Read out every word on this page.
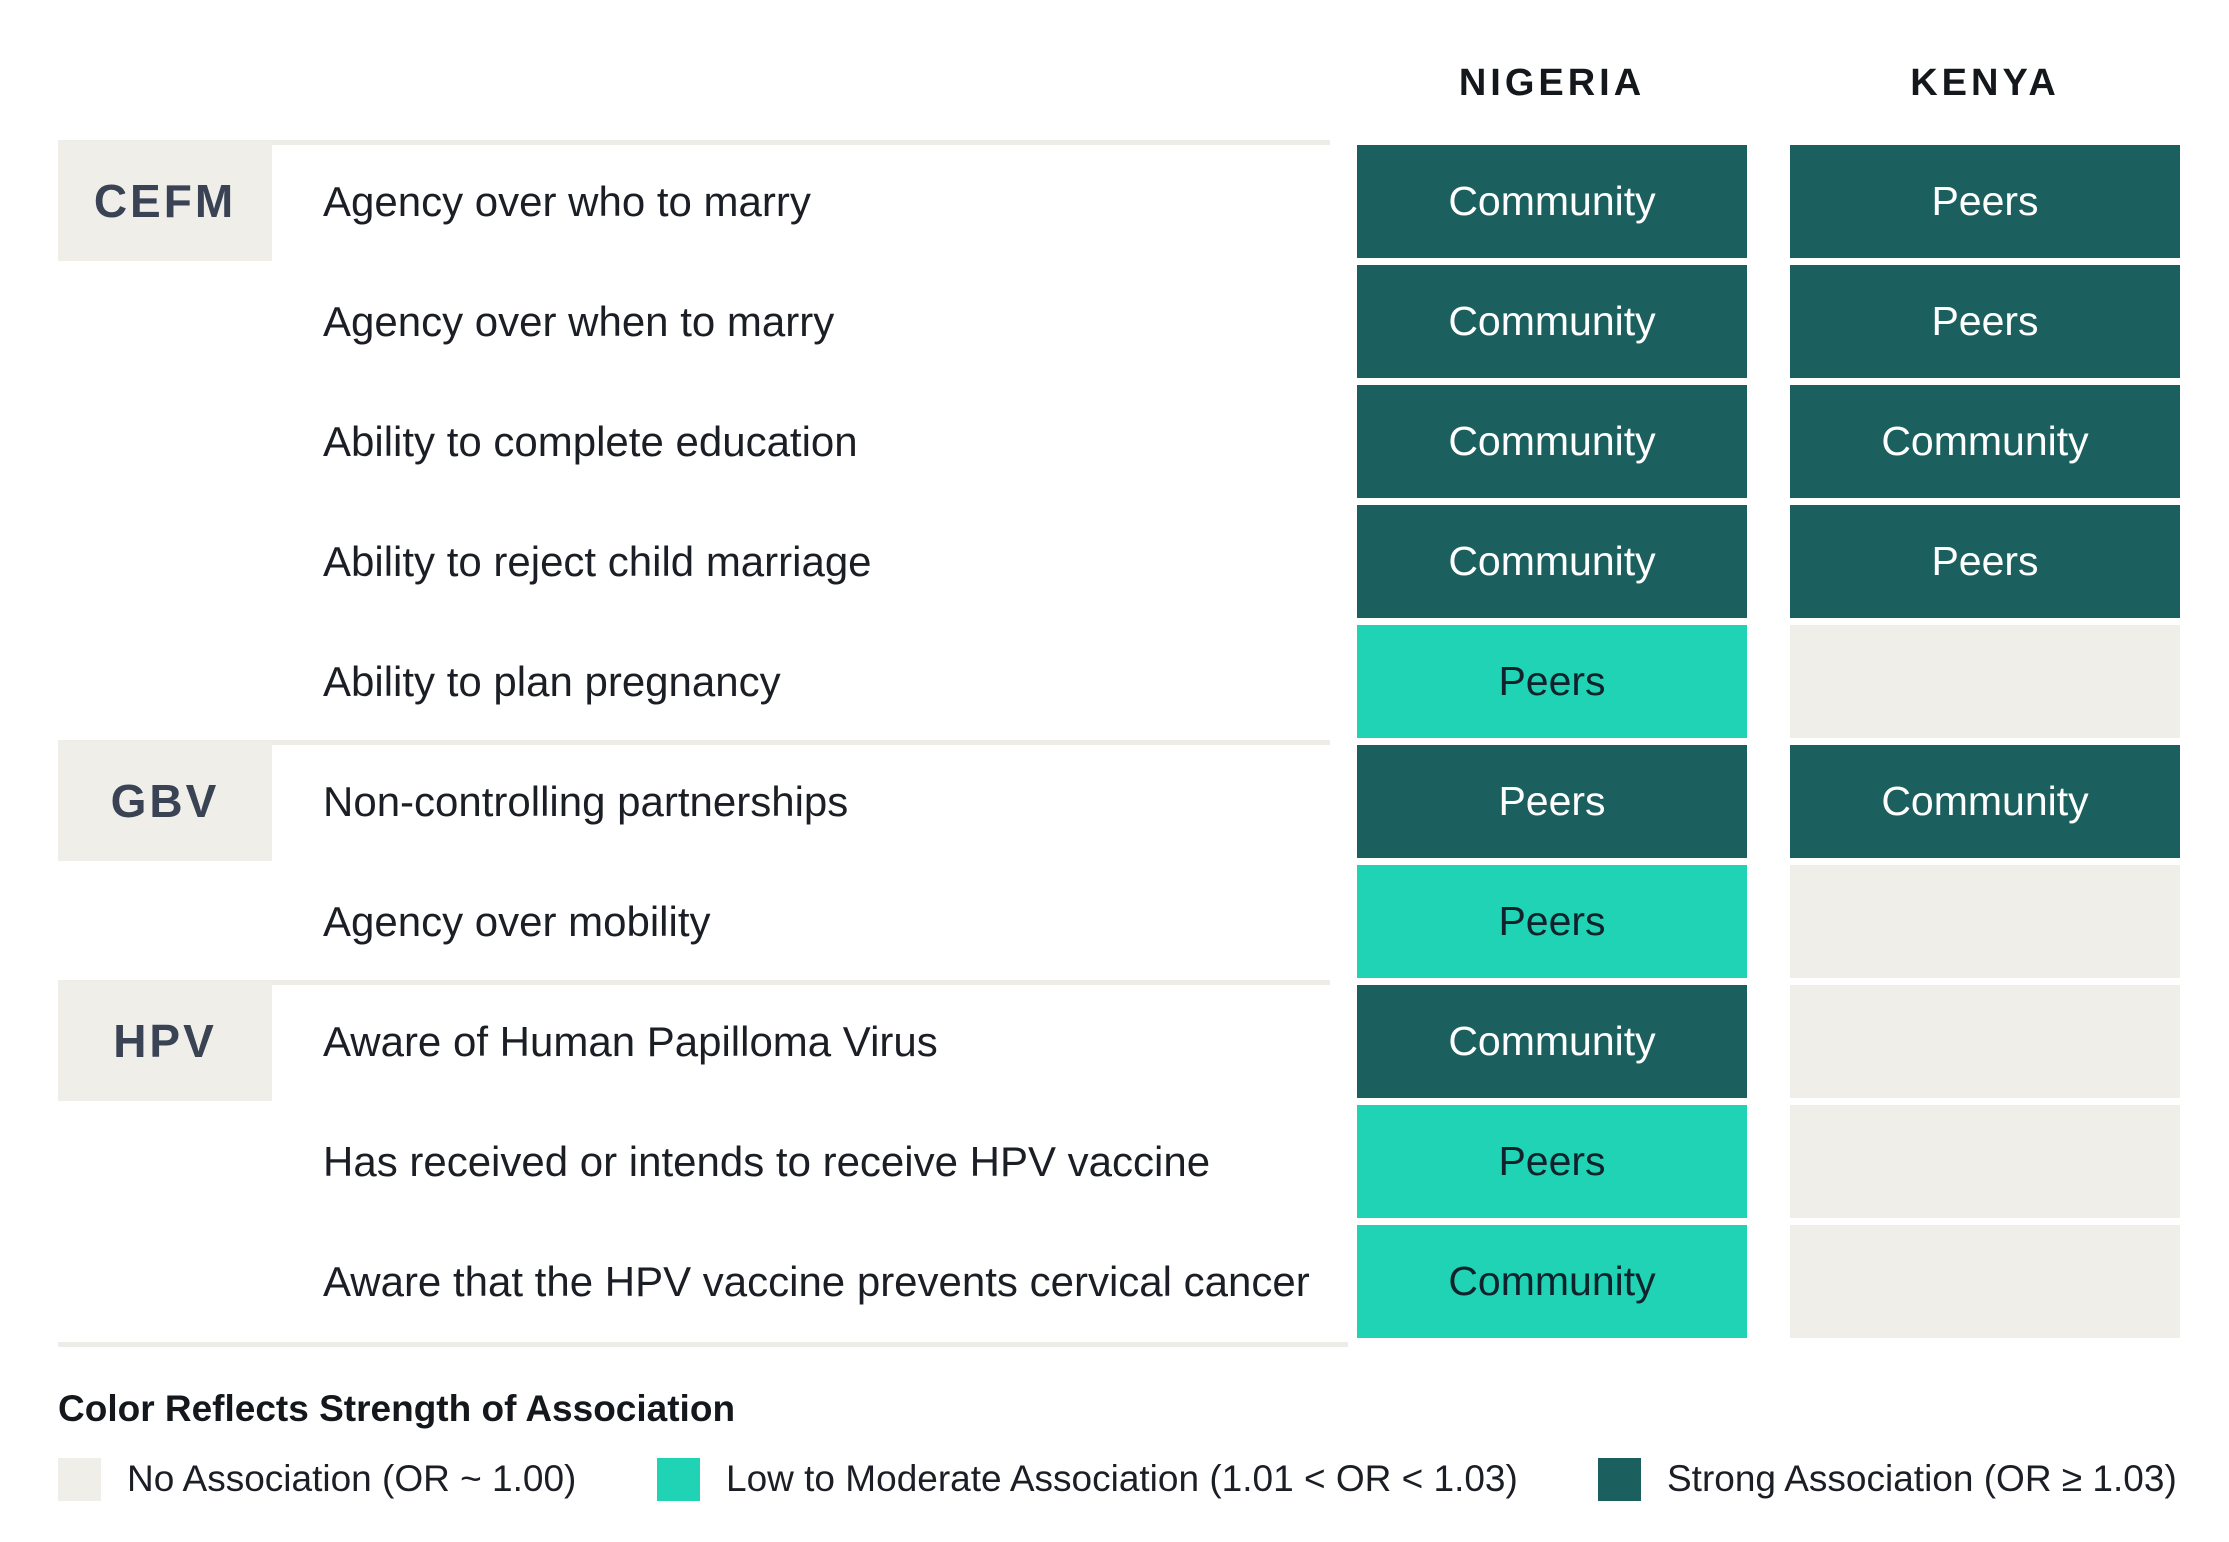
NIGERIA	KENYA
CEFM	Agency over who to marry	Community	Peers
Agency over when to marry	Community	Peers
Ability to complete education	Community	Community
Ability to reject child marriage	Community	Peers
Ability to plan pregnancy	Peers
GBV	Non-controlling partnerships	Peers	Community
Agency over mobility	Peers
HPV	Aware of Human Papilloma Virus	Community
Has received or intends to receive HPV vaccine	Peers
Aware that the HPV vaccine prevents cervical cancer	Community
Color Reflects Strength of Association
No Association (OR ~ 1.00)	Low to Moderate Association (1.01 < OR < 1.03)	Strong Association (OR ≥ 1.03)
